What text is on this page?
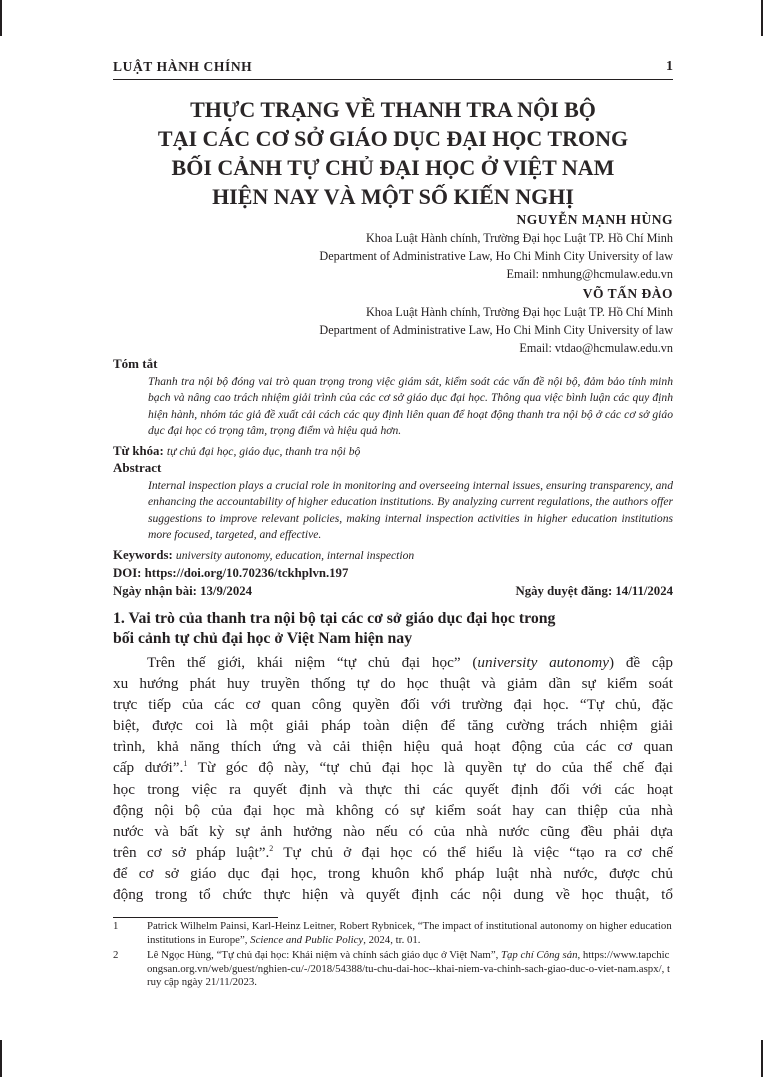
LUẬT HÀNH CHÍNH	1
THỰC TRẠNG VỀ THANH TRA NỘI BỘ
TẠI CÁC CƠ SỞ GIÁO DỤC ĐẠI HỌC TRONG
BỐI CẢNH TỰ CHỦ ĐẠI HỌC Ở VIỆT NAM
HIỆN NAY VÀ MỘT SỐ KIẾN NGHỊ
NGUYỄN MẠNH HÙNG
Khoa Luật Hành chính, Trường Đại học Luật TP. Hồ Chí Minh
Department of Administrative Law, Ho Chi Minh City University of law
Email: nmhung@hcmulaw.edu.vn
VÕ TẤN ĐÀO
Khoa Luật Hành chính, Trường Đại học Luật TP. Hồ Chí Minh
Department of Administrative Law, Ho Chi Minh City University of law
Email: vtdao@hcmulaw.edu.vn
Tóm tắt
Thanh tra nội bộ đóng vai trò quan trọng trong việc giám sát, kiểm soát các vấn đề nội bộ, đảm bảo tính minh bạch và nâng cao trách nhiệm giải trình của các cơ sở giáo dục đại học. Thông qua việc bình luận các quy định hiện hành, nhóm tác giả đề xuất cải cách các quy định liên quan để hoạt động thanh tra nội bộ ở các cơ sở giáo dục đại học có trọng tâm, trọng điểm và hiệu quả hơn.
Từ khóa: tự chủ đại học, giáo dục, thanh tra nội bộ
Abstract
Internal inspection plays a crucial role in monitoring and overseeing internal issues, ensuring transparency, and enhancing the accountability of higher education institutions. By analyzing current regulations, the authors offer suggestions to improve relevant policies, making internal inspection activities in higher education institutions more focused, targeted, and effective.
Keywords: university autonomy, education, internal inspection
DOI: https://doi.org/10.70236/tckhplvn.197
Ngày nhận bài: 13/9/2024	Ngày duyệt đăng: 14/11/2024
1. Vai trò của thanh tra nội bộ tại các cơ sở giáo dục đại học trong
bối cảnh tự chủ đại học ở Việt Nam hiện nay
Trên thế giới, khái niệm “tự chủ đại học” (university autonomy) đề cập
xu hướng phát huy truyền thống tự do học thuật và giảm dần sự kiểm soát
trực tiếp của các cơ quan công quyền đối với trường đại học. “Tự chủ, đặc
biệt, được coi là một giải pháp toàn diện để tăng cường trách nhiệm giải
trình, khả năng thích ứng và cải thiện hiệu quả hoạt động của các cơ quan
cấp dưới”.$^1$ Từ góc độ này, “tự chủ đại học là quyền tự do của thể chế đại
học trong việc ra quyết định và thực thi các quyết định đối với các hoạt
động nội bộ của đại học mà không có sự kiểm soát hay can thiệp của nhà
nước và bất kỳ sự ảnh hưởng nào nếu có của nhà nước cũng đều phải dựa
trên cơ sở pháp luật”.$^2$ Tự chủ ở đại học có thể hiểu là việc “tạo ra cơ chế
để cơ sở giáo dục đại học, trong khuôn khổ pháp luật nhà nước, được chủ
động trong tổ chức thực hiện và quyết định các nội dung về học thuật, tổ
1	Patrick Wilhelm Painsi, Karl-Heinz Leitner, Robert Rybnicek, “The impact of institutional autonomy on higher education institutions in Europe”, Science and Public Policy, 2024, tr. 01.
2	Lê Ngọc Hùng, “Tự chủ đại học: Khái niệm và chính sách giáo dục ở Việt Nam”, Tạp chí Công sản, https://www.tapchicongsan.org.vn/web/guest/nghien-cu/-/2018/54388/tu-chu-dai-hoc--khai-niem-va-chinh-sach-giao-duc-o-viet-nam.aspx/, truy cập ngày 21/11/2023.
